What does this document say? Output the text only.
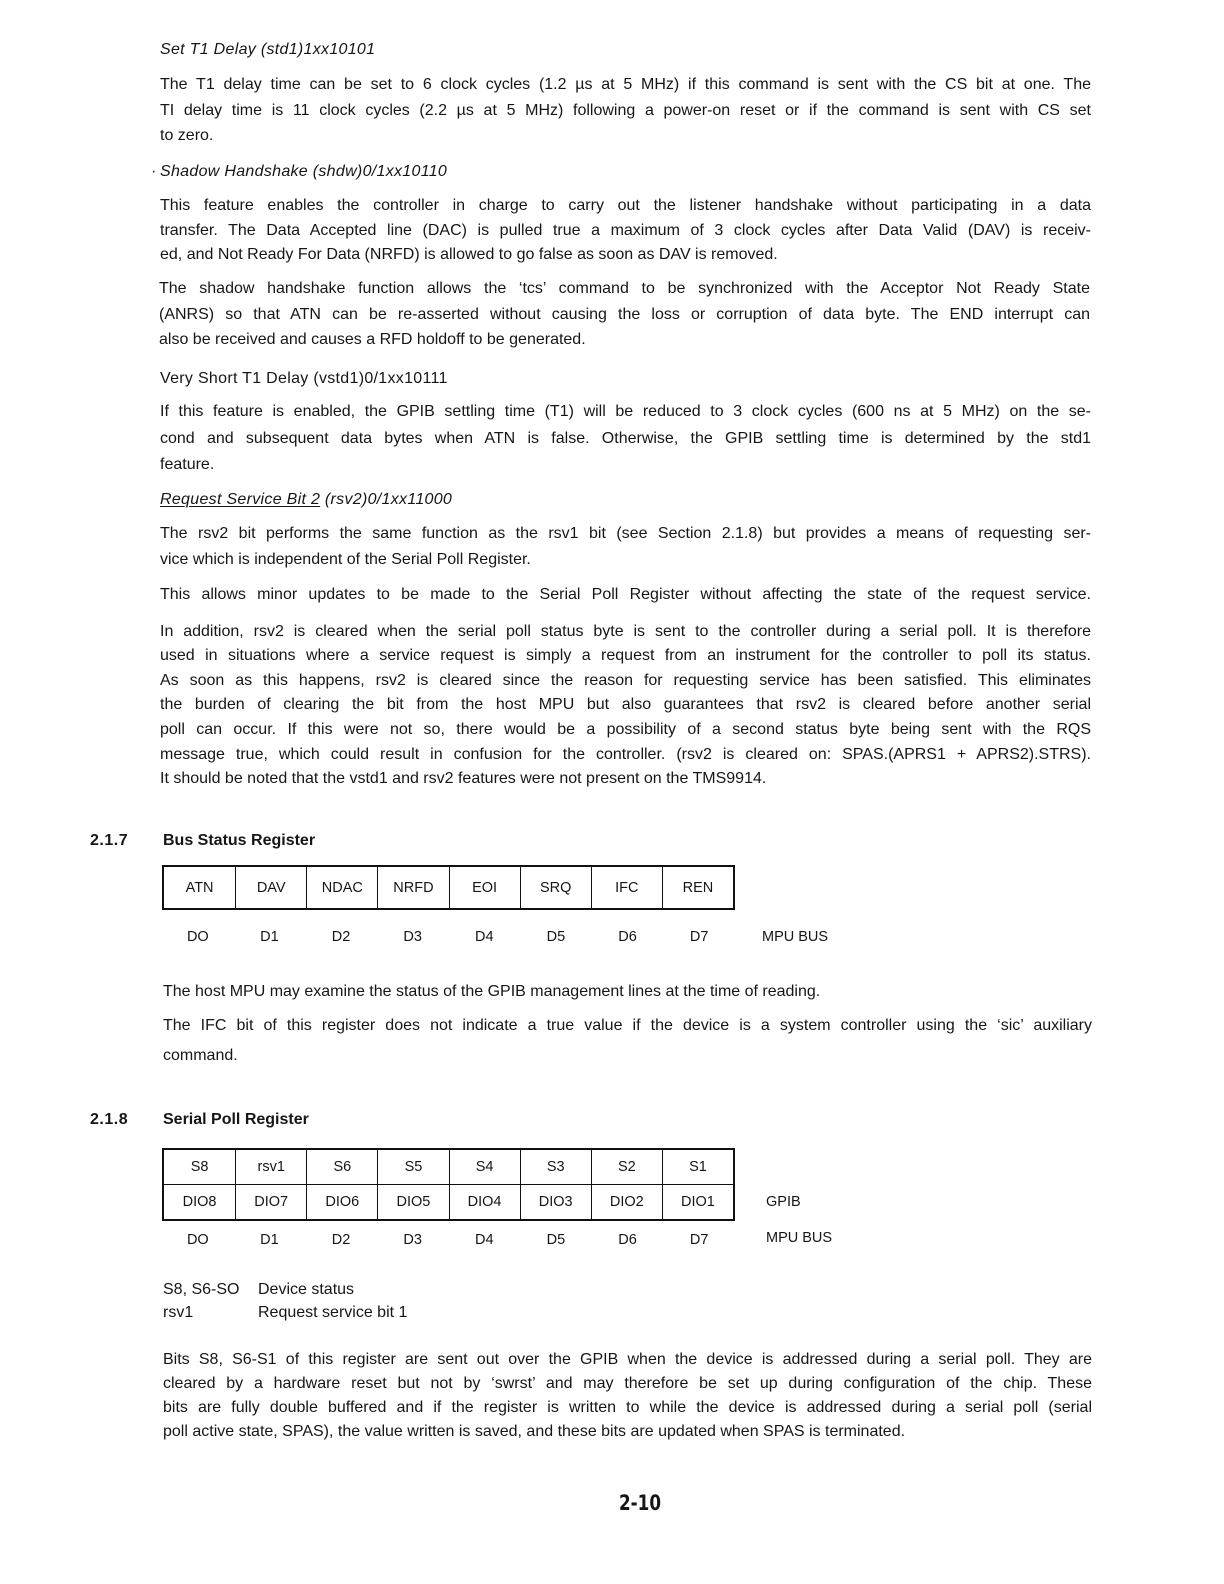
Set T1 Delay (std1)1xx10101
The T1 delay time can be set to 6 clock cycles (1.2 µs at 5 MHz) if this command is sent with the CS bit at one. The
TI delay time is 11 clock cycles (2.2 µs at 5 MHz) following a power-on reset or if the command is sent with CS set
to zero.
· Shadow Handshake (shdw)0/1xx10110
This feature enables the controller in charge to carry out the listener handshake without participating in a data
transfer. The Data Accepted line (DAC) is pulled true a maximum of 3 clock cycles after Data Valid (DAV) is receiv-
ed, and Not Ready For Data (NRFD) is allowed to go false as soon as DAV is removed.
The shadow handshake function allows the ‘tcs’ command to be synchronized with the Acceptor Not Ready State
(ANRS) so that ATN can be re-asserted without causing the loss or corruption of data byte. The END interrupt can
also be received and causes a RFD holdoff to be generated.
Very Short T1 Delay (vstd1)0/1xx10111
If this feature is enabled, the GPIB settling time (T1) will be reduced to 3 clock cycles (600 ns at 5 MHz) on the se-
cond and subsequent data bytes when ATN is false. Otherwise, the GPIB settling time is determined by the std1
feature.
Request Service Bit 2 (rsv2)0/1xx11000
The rsv2 bit performs the same function as the rsv1 bit (see Section 2.1.8) but provides a means of requesting ser-
vice which is independent of the Serial Poll Register.
This allows minor updates to be made to the Serial Poll Register without affecting the state of the request service.
In addition, rsv2 is cleared when the serial poll status byte is sent to the controller during a serial poll. It is therefore
used in situations where a service request is simply a request from an instrument for the controller to poll its status.
As soon as this happens, rsv2 is cleared since the reason for requesting service has been satisfied. This eliminates
the burden of clearing the bit from the host MPU but also guarantees that rsv2 is cleared before another serial
poll can occur. If this were not so, there would be a possibility of a second status byte being sent with the RQS
message true, which could result in confusion for the controller. (rsv2 is cleared on: SPAS.(APRS1 + APRS2).STRS).
It should be noted that the vstd1 and rsv2 features were not present on the TMS9914.
2.1.7 Bus Status Register
ATN	DAV	NDAC	NRFD	EOI	SRQ	IFC	REN
DO	D1	D2	D3	D4	D5	D6	D7	MPU BUS
The host MPU may examine the status of the GPIB management lines at the time of reading.
The IFC bit of this register does not indicate a true value if the device is a system controller using the ‘sic’ auxiliary
command.
2.1.8 Serial Poll Register
S8	rsv1	S6	S5	S4	S3	S2	S1
DIO8	DIO7	DIO6	DIO5	DIO4	DIO3	DIO2	DIO1	GPIB
DO	D1	D2	D3	D4	D5	D6	D7	MPU BUS
S8, S6-SO Device status
rsv1	Request service bit 1
Bits S8, S6-S1 of this register are sent out over the GPIB when the device is addressed during a serial poll. They are
cleared by a hardware reset but not by ‘swrst’ and may therefore be set up during configuration of the chip. These
bits are fully double buffered and if the register is written to while the device is addressed during a serial poll (serial
poll active state, SPAS), the value written is saved, and these bits are updated when SPAS is terminated.
2-10
